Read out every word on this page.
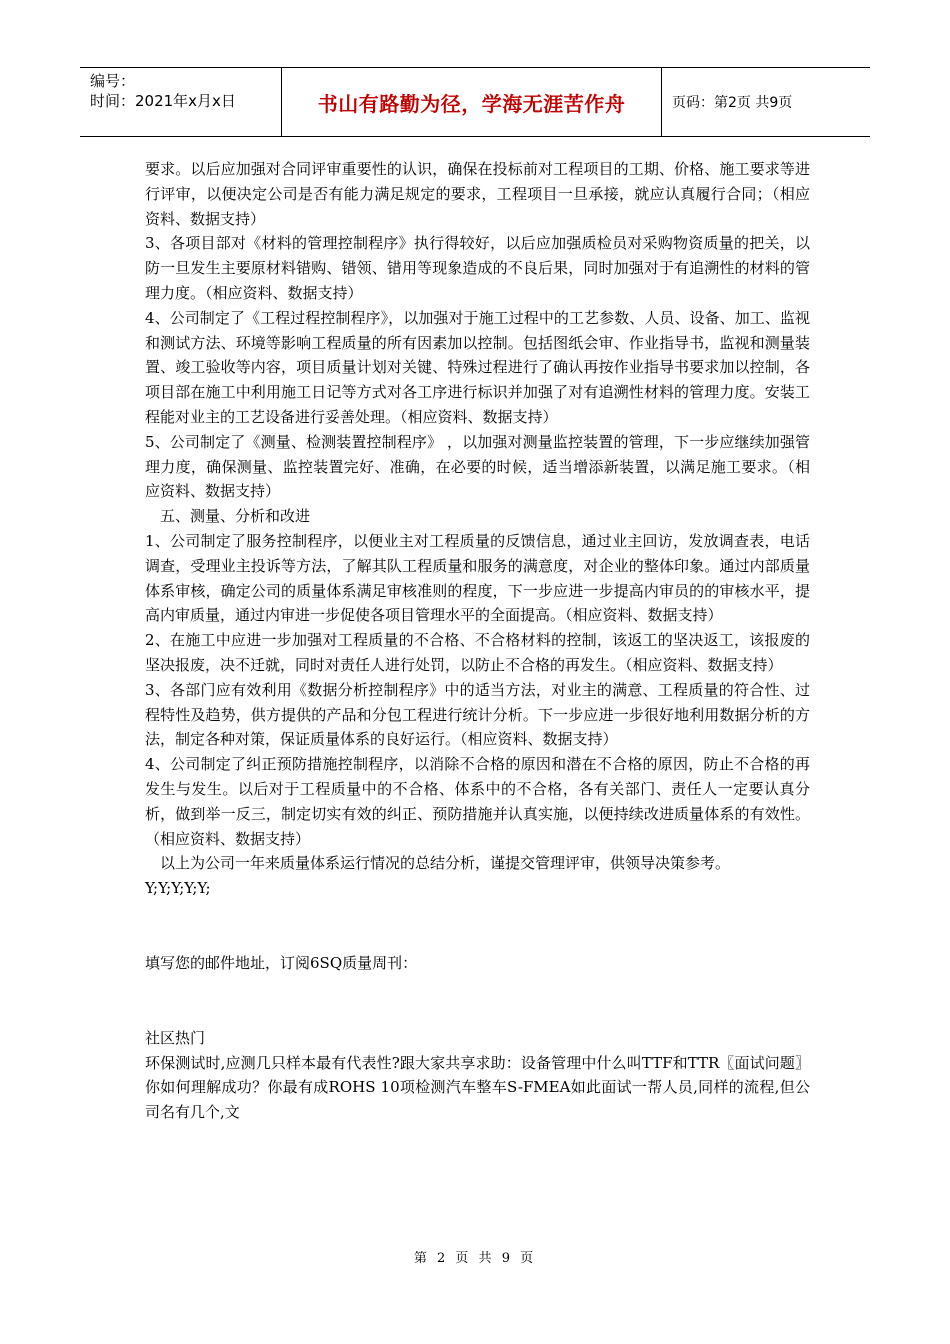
编号：
时间：2021年x月x日	书山有路勤为径，学海无涯苦作舟	页码：第2页 共9页

要求。以后应加强对合同评审重要性的认识，确保在投标前对工程项目的工期、价格、施工要求等进行评审，以便决定公司是否有能力满足规定的要求，工程项目一旦承接，就应认真履行合同；（相应资料、数据支持）

3、各项目部对《材料的管理控制程序》执行得较好，以后应加强质检员对采购物资质量的把关，以防一旦发生主要原材料错购、错领、错用等现象造成的不良后果，同时加强对于有追溯性的材料的管理力度。（相应资料、数据支持）

4、公司制定了《工程过程控制程序》，以加强对于施工过程中的工艺参数、人员、设备、加工、监视和测试方法、环境等影响工程质量的所有因素加以控制。包括图纸会审、作业指导书，监视和测量装置、竣工验收等内容，项目质量计划对关键、特殊过程进行了确认再按作业指导书要求加以控制，各项目部在施工中利用施工日记等方式对各工序进行标识并加强了对有追溯性材料的管理力度。安装工程能对业主的工艺设备进行妥善处理。（相应资料、数据支持）

5、公司制定了《测量、检测装置控制程序》 ，以加强对测量监控装置的管理，下一步应继续加强管理力度，确保测量、监控装置完好、准确，在必要的时候，适当增添新装置，以满足施工要求。（相应资料、数据支持）

五、测量、分析和改进

1、公司制定了服务控制程序，以便业主对工程质量的反馈信息，通过业主回访，发放调查表，电话调查，受理业主投诉等方法，了解其队工程质量和服务的满意度，对企业的整体印象。通过内部质量体系审核，确定公司的质量体系满足审核准则的程度，下一步应进一步提高内审员的的审核水平，提高内审质量，通过内审进一步促使各项目管理水平的全面提高。（相应资料、数据支持）

2、在施工中应进一步加强对工程质量的不合格、不合格材料的控制，该返工的坚决返工，该报废的坚决报废，决不迁就，同时对责任人进行处罚，以防止不合格的再发生。（相应资料、数据支持）

3、各部门应有效利用《数据分析控制程序》中的适当方法，对业主的满意、工程质量的符合性、过程特性及趋势，供方提供的产品和分包工程进行统计分析。下一步应进一步很好地利用数据分析的方法，制定各种对策，保证质量体系的良好运行。（相应资料、数据支持）

4、公司制定了纠正预防措施控制程序，以消除不合格的原因和潜在不合格的原因，防止不合格的再发生与发生。以后对于工程质量中的不合格、体系中的不合格，各有关部门、责任人一定要认真分析，做到举一反三，制定切实有效的纠正、预防措施并认真实施，以便持续改进质量体系的有效性。（相应资料、数据支持）

以上为公司一年来质量体系运行情况的总结分析，谨提交管理评审，供领导决策参考。

Y;Y;Y;Y;Y;

填写您的邮件地址，订阅6SQ质量周刊：

社区热门

环保测试时,应测几只样本最有代表性?跟大家共享求助：设备管理中什么叫TTF和TTR〖面试问题〗你如何理解成功？你最有成ROHS 10项检测汽车整车S-FMEA如此面试一帮人员,同样的流程,但公司名有几个,文

第 2 页 共 9 页
